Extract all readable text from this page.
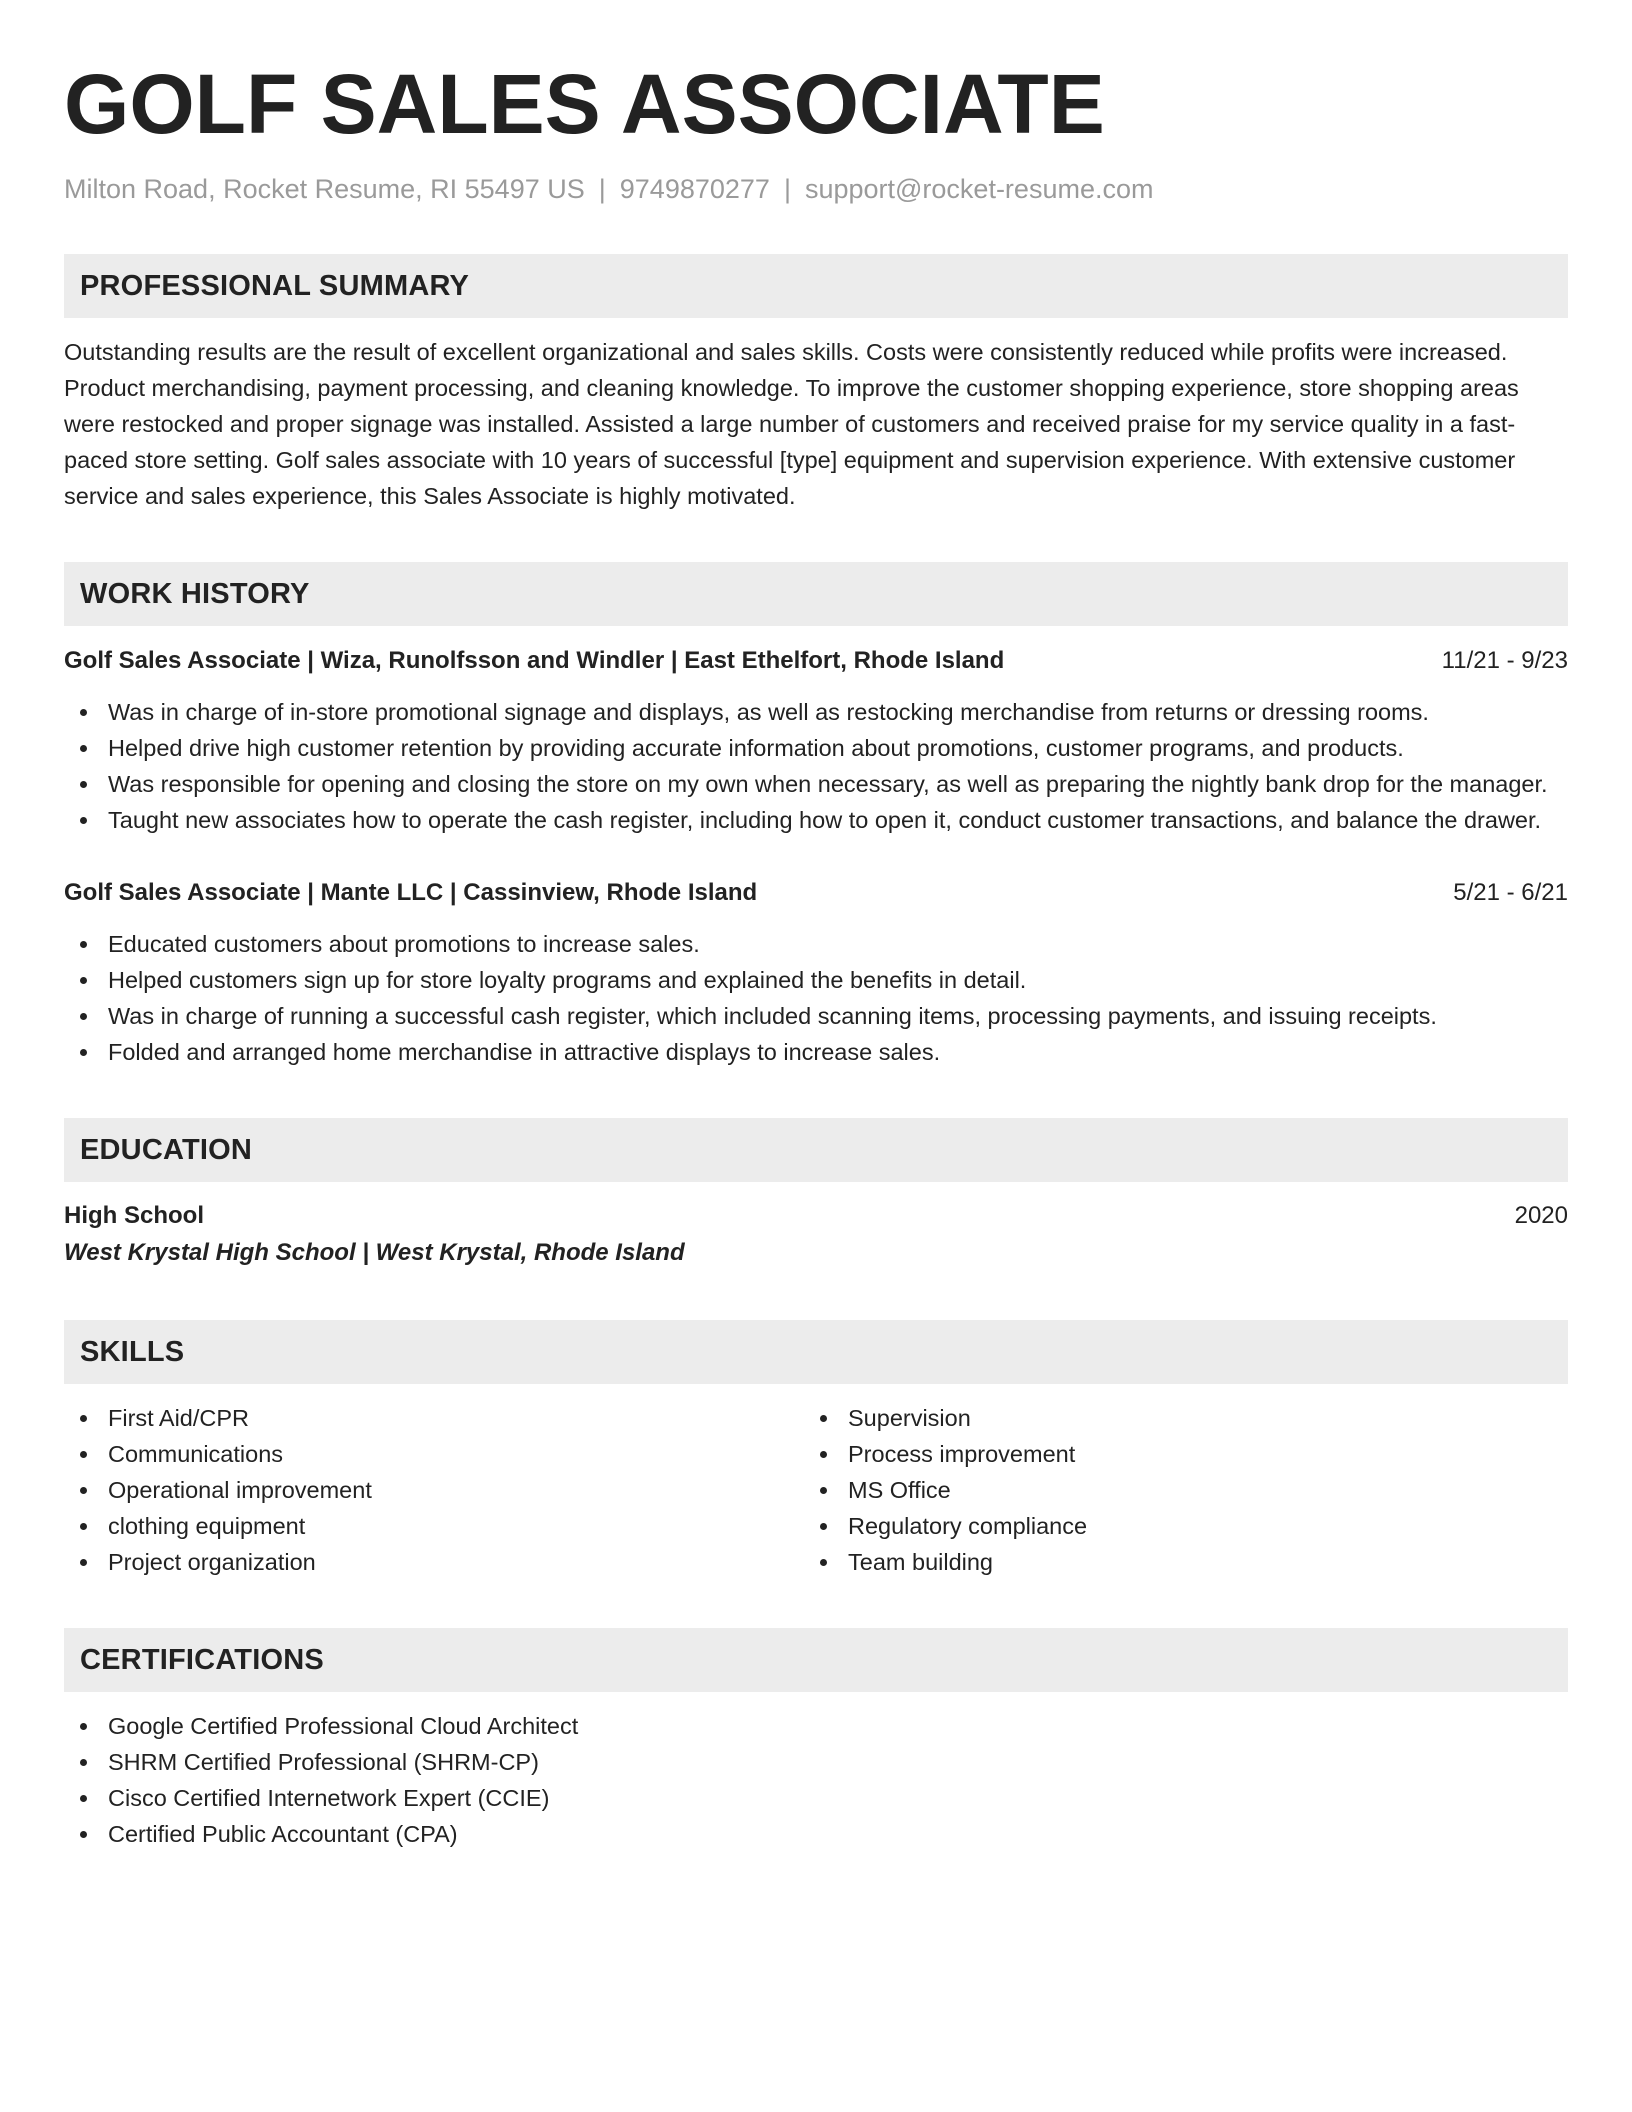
GOLF SALES ASSOCIATE
Milton Road, Rocket Resume, RI 55497 US | 9749870277 | support@rocket-resume.com
PROFESSIONAL SUMMARY

Outstanding results are the result of excellent organizational and sales skills. Costs were consistently reduced while profits were increased. Product merchandising, payment processing, and cleaning knowledge. To improve the customer shopping experience, store shopping areas were restocked and proper signage was installed. Assisted a large number of customers and received praise for my service quality in a fast-paced store setting. Golf sales associate with 10 years of successful [type] equipment and supervision experience. With extensive customer service and sales experience, this Sales Associate is highly motivated.

WORK HISTORY
Golf Sales Associate | Wiza, Runolfsson and Windler | East Ethelfort, Rhode Island	11/21 - 9/23
Was in charge of in-store promotional signage and displays, as well as restocking merchandise from returns or dressing rooms.
Helped drive high customer retention by providing accurate information about promotions, customer programs, and products.
Was responsible for opening and closing the store on my own when necessary, as well as preparing the nightly bank drop for the manager.
Taught new associates how to operate the cash register, including how to open it, conduct customer transactions, and balance the drawer.
Golf Sales Associate | Mante LLC | Cassinview, Rhode Island	5/21 - 6/21
Educated customers about promotions to increase sales.
Helped customers sign up for store loyalty programs and explained the benefits in detail.
Was in charge of running a successful cash register, which included scanning items, processing payments, and issuing receipts.
Folded and arranged home merchandise in attractive displays to increase sales.
EDUCATION
High School	2020
West Krystal High School | West Krystal, Rhode Island
SKILLS
First Aid/CPR
Communications
Operational improvement
clothing equipment
Project organization
Supervision
Process improvement
MS Office
Regulatory compliance
Team building
CERTIFICATIONS
Google Certified Professional Cloud Architect
SHRM Certified Professional (SHRM-CP)
Cisco Certified Internetwork Expert (CCIE)
Certified Public Accountant (CPA)
